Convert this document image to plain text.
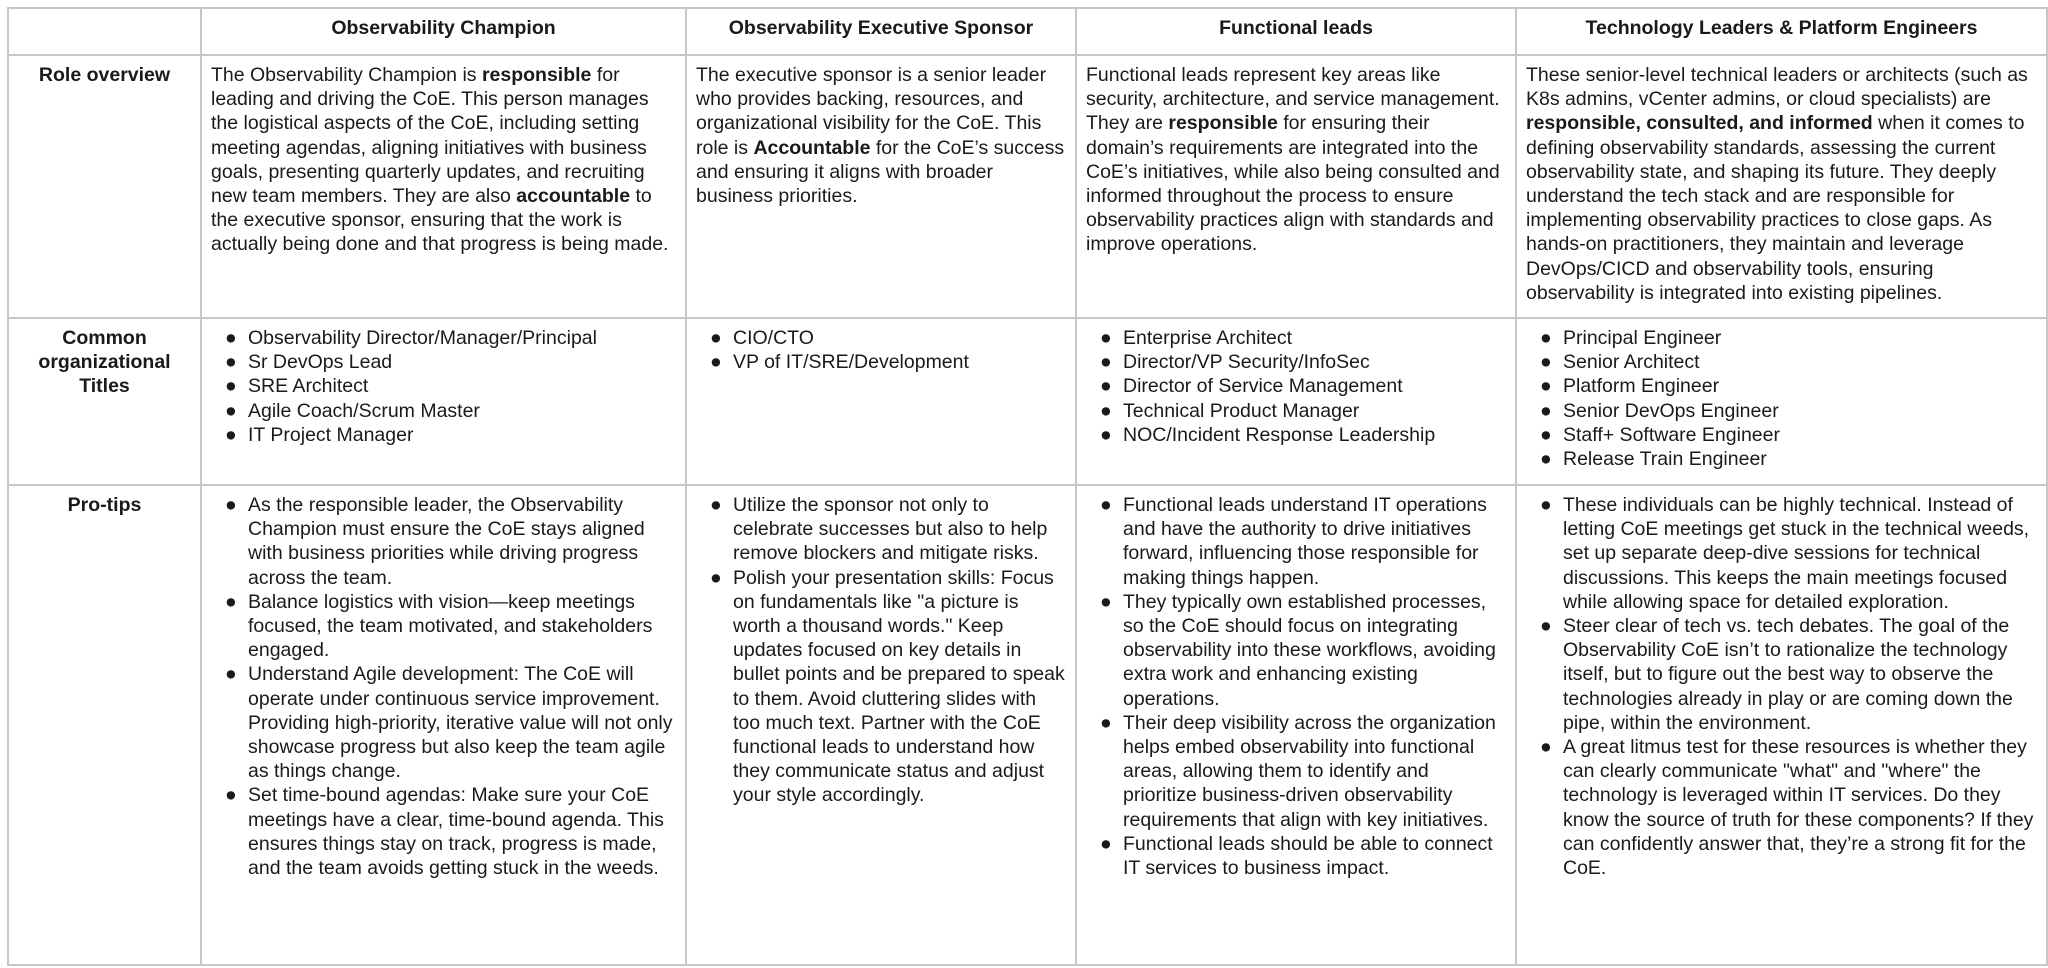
	Observability Champion	Observability Executive Sponsor	Functional leads	Technology Leaders & Platform Engineers
Role overview	The Observability Champion is responsible for leading and driving the CoE. This person manages the logistical aspects of the CoE, including setting meeting agendas, aligning initiatives with business goals, presenting quarterly updates, and recruiting new team members. They are also accountable to the executive sponsor, ensuring that the work is actually being done and that progress is being made.	The executive sponsor is a senior leader who provides backing, resources, and organizational visibility for the CoE. This role is Accountable for the CoE’s success and ensuring it aligns with broader business priorities.	Functional leads represent key areas like security, architecture, and service management. They are responsible for ensuring their domain’s requirements are integrated into the CoE’s initiatives, while also being consulted and informed throughout the process to ensure observability practices align with standards and improve operations.	These senior-level technical leaders or architects (such as K8s admins, vCenter admins, or cloud specialists) are responsible, consulted, and informed when it comes to defining observability standards, assessing the current observability state, and shaping its future. They deeply understand the tech stack and are responsible for implementing observability practices to close gaps. As hands-on practitioners, they maintain and leverage DevOps/CICD and observability tools, ensuring observability is integrated into existing pipelines.
Common organizational Titles	
● Observability Director/Manager/Principal
● Sr DevOps Lead
● SRE Architect
● Agile Coach/Scrum Master
● IT Project Manager

● CIO/CTO
● VP of IT/SRE/Development

● Enterprise Architect
● Director/VP Security/InfoSec
● Director of Service Management
● Technical Product Manager
● NOC/Incident Response Leadership

● Principal Engineer
● Senior Architect
● Platform Engineer
● Senior DevOps Engineer
● Staff+ Software Engineer
● Release Train Engineer

Pro-tips	● As the responsible leader, the Observability Champion must ensure the CoE stays aligned with business priorities while driving progress across the team.
● Balance logistics with vision—keep meetings focused, the team motivated, and stakeholders engaged.
● Understand Agile development: The CoE will operate under continuous service improvement. Providing high-priority, iterative value will not only showcase progress but also keep the team agile as things change.
● Set time-bound agendas: Make sure your CoE meetings have a clear, time-bound agenda. This ensures things stay on track, progress is made, and the team avoids getting stuck in the weeds.

● Utilize the sponsor not only to celebrate successes but also to help remove blockers and mitigate risks.
● Polish your presentation skills: Focus on fundamentals like "a picture is worth a thousand words." Keep updates focused on key details in bullet points and be prepared to speak to them. Avoid cluttering slides with too much text. Partner with the CoE functional leads to understand how they communicate status and adjust your style accordingly.

● Functional leads understand IT operations and have the authority to drive initiatives forward, influencing those responsible for making things happen.
● They typically own established processes, so the CoE should focus on integrating observability into these workflows, avoiding extra work and enhancing existing operations.
● Their deep visibility across the organization helps embed observability into functional areas, allowing them to identify and prioritize business-driven observability requirements that align with key initiatives.
● Functional leads should be able to connect IT services to business impact.

● These individuals can be highly technical. Instead of letting CoE meetings get stuck in the technical weeds, set up separate deep-dive sessions for technical discussions. This keeps the main meetings focused while allowing space for detailed exploration.
● Steer clear of tech vs. tech debates. The goal of the Observability CoE isn’t to rationalize the technology itself, but to figure out the best way to observe the technologies already in play or are coming down the pipe, within the environment.
● A great litmus test for these resources is whether they can clearly communicate "what" and "where" the technology is leveraged within IT services. Do they know the source of truth for these components? If they can confidently answer that, they’re a strong fit for the CoE.
